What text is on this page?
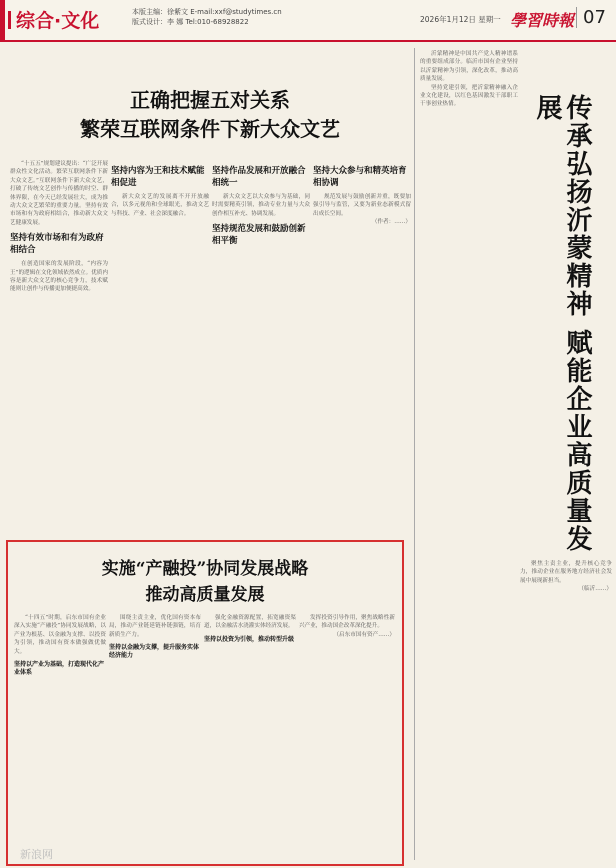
综合·文化	本版主编：徐紫文 E-mail:xxf@studytimes.cn
版式设计：李 娜 Tel:010-68928822	2026年1月12日 星期一 學習時報 07
正确把握五对关系
繁荣互联网条件下新大众文艺

“十五五”规划建议提出：“广泛开展群众性文化活动。繁荣互联网条件下新大众文艺。”互联网条件下新大众文艺，打破了传统文艺创作与传播的时空、群体界限，在今天已经发展壮大，成为推动大众文艺繁荣的重要力量。坚持有效市场和有为政府相结合，推动新大众文艺健康发展。

坚持有效市场和有为政府相结合

在创造国家的发展阶段，“内容为王”的逻辑在文化领域依然成立。优质内容是新大众文艺的核心竞争力，技术赋能则让创作与传播更加便捷高效。

坚持内容为王和技术赋能相促进

新大众文艺的发展离不开开放融合，以多元视角和全球眼光，推动文艺与科技、产业、社会深度融合。

坚持作品发展和开放融合相统一

新大众文艺以大众参与为基础，同时需要精英引领，推动专业力量与大众创作相互补充、协调发展。

坚持规范发展和鼓励创新相平衡
坚持大众参与和精英培育相协调

规范发展与鼓励创新并重，既要加强引导与监管，又要为新业态新模式留出成长空间。

（作者：……）

沂蒙精神是中国共产党人精神谱系的重要组成部分。临沂市国有企业坚持以沂蒙精神为引领，深化改革，推动高质量发展。

坚持党建引领，把沂蒙精神融入企业文化建设，以红色基因激发干部职工干事创业热情。	传承弘扬沂蒙精神 赋能企业高质量发展

聚焦主责主业，提升核心竞争力，推动企业在服务地方经济社会发展中展现新担当。

（临沂……）
实施“产融投”协同发展战略
推动高质量发展

“十四五”时期，启东市国有企业深入实施“产融投”协同发展战略，以产业为根基、以金融为支撑、以投资为引领，推动国有资本做强做优做大。

坚持以产业为基础，打造现代化产业体系

围绕主责主业，优化国有资本布局，推动产业链延链补链强链，培育新质生产力。

坚持以金融为支撑，提升服务实体经济能力

强化金融资源配置，拓宽融资渠道，以金融活水浇灌实体经济发展。

坚持以投资为引领，推动转型升级

发挥投资引导作用，聚焦战略性新兴产业，推动国企改革深化提升。

（启东市国有资产……）
新浪网
